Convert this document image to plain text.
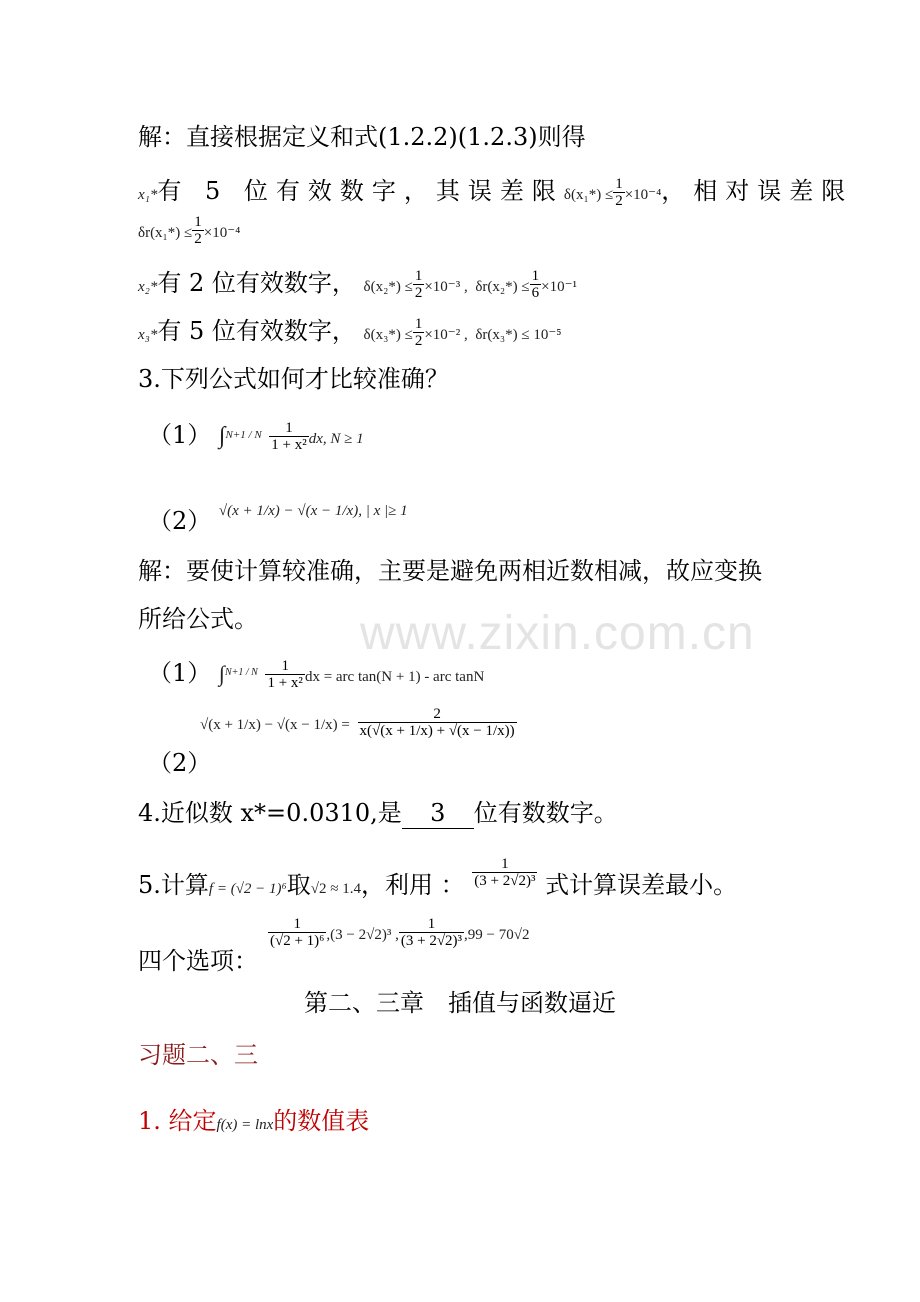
www.zixin.com.cn
解：直接根据定义和式(1.2.2)(1.2.3)则得
x₁*有 5 位有效数字，其误差限$\delta(x_1*) \le \frac{1}{2} \times 10^{-4}$，相对误差限
$\delta r(x_1*) \le \frac{1}{2} \times 10^{-4}$
x₂*有 2 位有效数字， $\delta(x_2*) \le \frac{1}{2} \times 10^{-3}$ , $\delta r(x_2*) \le \frac{1}{6} \times 10^{-1}$
x₃*有 5 位有效数字， $\delta(x_3*) \le \frac{1}{2} \times 10^{-2}$ , δr(x₃*) ≤ 10⁻⁵
3.下列公式如何才比较准确？
（1） $\int^{N+1 / N} \frac{1}{\text{1 + x²}}$ dx, N ≥ 1
（2） $^{√(x + 1/x) - √(x - 1/x), | x |\ge 1}$
解：要使计算较准确，主要是避免两相近数相减，故应变换
所给公式。
（1） $\int^{N+1 / N} \frac{1}{\text{1 + x²}}$ dx = arc tan(N + 1) - arc tanN
$√(x + 1/x) - √(x - 1/x) = \frac{2}{x(√(x + 1/x) + √(x - 1/x))}$
（2）
4.近似数 x*=0.0310,是 3 位有数数字。
5.计算f = (√2 − 1)⁶取√2 ≈ 1.4，利用 ： $\frac{1}{\text{(3 + 2√2)³}}$ 式计算误差最小。
$\frac{1}{\text{(√2 + 1)⁶}} ,(3 - 2√2)^3$ , $\frac{1}{\text{(3 + 2√2)³}} ,99 - 70√2$
四个选项：
第二、三章　插值与函数逼近
习题二、三
1. 给定f(x) = lnx的数值表
